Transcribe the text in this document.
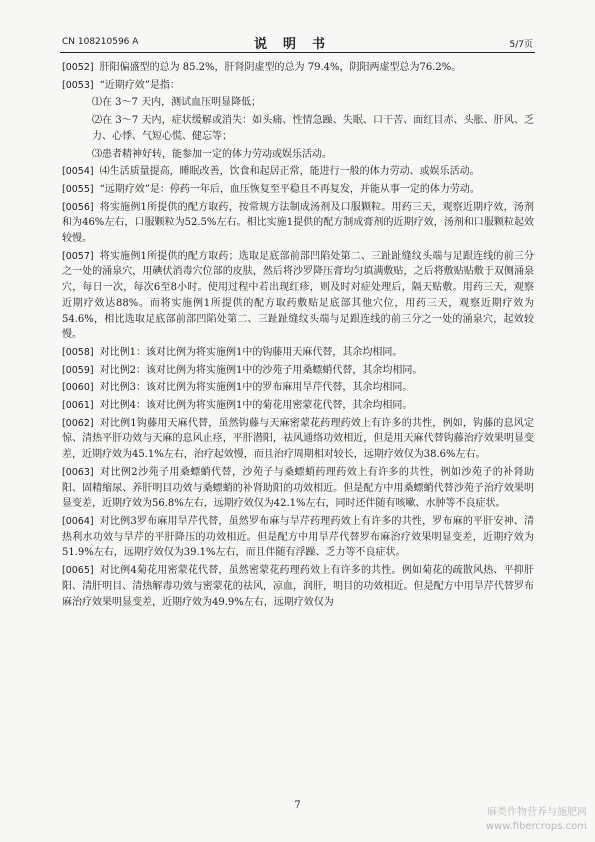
CN 108210596 A	说明书	5/7页

[0052] 肝阳偏盛型的总为 85.2%，肝肾阴虚型的总为 79.4%，阴阳两虚型总为76.2%。

[0053] “近期疗效”是指：

⑴在 3～7 天内，测试血压明显降低；

⑵在 3～7 天内，症状缓解或消失：如头痛、性情急躁、失眠、口干苦、面红目赤、头胀、肝风、乏力、心悸、气短心慌、健忘等；

⑶患者精神好转，能参加一定的体力劳动或娱乐活动。

[0054] ⑷生活质量提高，睡眠改善，饮食和起居正常，能进行一般的体力劳动、或娱乐活动。

[0055] “远期疗效”是：停药一年后，血压恢复至平稳且不再复发，并能从事一定的体力劳动。

[0056] 将实施例1所提供的配方取药，按常规方法制成汤剂及口服颗粒。用药三天，观察近期疗效，汤剂和为46%左右，口服颗粒为52.5%左右。相比实施1提供的配方制成膏剂的近期疗效，汤剂和口服颗粒起效较慢。

[0057] 将实施例1所提供的配方取药；选取足底部前部凹陷处第二、三趾趾缝纹头端与足跟连线的前三分之一处的涌泉穴，用碘伏消毒穴位部的皮肤，然后将沙罗降压膏均匀填满敷贴，之后将敷贴贴敷于双侧涌泉穴，每日一次，每次6至8小时。使用过程中若出现红疹，则及时对症处理后，隔天贴敷。用药三天，观察近期疗效达88%。而将实施例1所提供的配方取药敷贴足底部其他穴位，用药三天，观察近期疗效为54.6%，相比选取足底部前部凹陷处第二、三趾趾缝纹头端与足跟连线的前三分之一处的涌泉穴，起效较慢。

[0058] 对比例1：该对比例为将实施例1中的钩藤用天麻代替，其余均相同。

[0059] 对比例2：该对比例为将实施例1中的沙苑子用桑螵蛸代替，其余均相同。

[0060] 对比例3：该对比例为将实施例1中的罗布麻用旱芹代替，其余均相同。

[0061] 对比例4：该对比例为将实施例1中的菊花用密蒙花代替，其余均相同。

[0062] 对比例1钩藤用天麻代替，虽然钩藤与天麻密蒙花药理药效上有许多的共性，例如，钩藤的息风定惊、清热平肝功效与天麻的息风止痉，平肝潜阳，祛风通络功效相近，但是用天麻代替钩藤治疗效果明显变差，近期疗效为45.1%左右，治疗起效慢，而且治疗周期相对较长，远期疗效仅为38.6%左右。

[0063] 对比例2沙苑子用桑螵蛸代替，沙苑子与桑螵蛸药理药效上有许多的共性，例如沙苑子的补肾助阳、固精缩尿、养肝明目功效与桑螵蛸的补肾助阳的功效相近。但是配方中用桑螵蛸代替沙苑子治疗效果明显变差，近期疗效为56.8%左右，远期疗效仅为42.1%左右，同时还伴随有咳嗽、水肿等不良症状。

[0064] 对比例3罗布麻用旱芹代替，虽然罗布麻与旱芹药理药效上有许多的共性，罗布麻的平肝安神、清热利水功效与旱芹的平肝降压的功效相近。但是配方中用旱芹代替罗布麻治疗效果明显变差，近期疗效为51.9%左右，远期疗效仅为39.1%左右，而且伴随有浮躁、乏力等不良症状。

[0065] 对比例4菊花用密蒙花代替，虽然密蒙花药理药效上有许多的共性。例如菊花的疏散风热、平抑肝阳、清肝明目、清热解毒功效与密蒙花的祛风，凉血，润肝，明目的功效相近。但是配方中用旱芹代替罗布麻治疗效果明显变差，近期疗效为49.9%左右，远期疗效仅为

7
麻类作物营养与施肥网
www.fibercrops.com
